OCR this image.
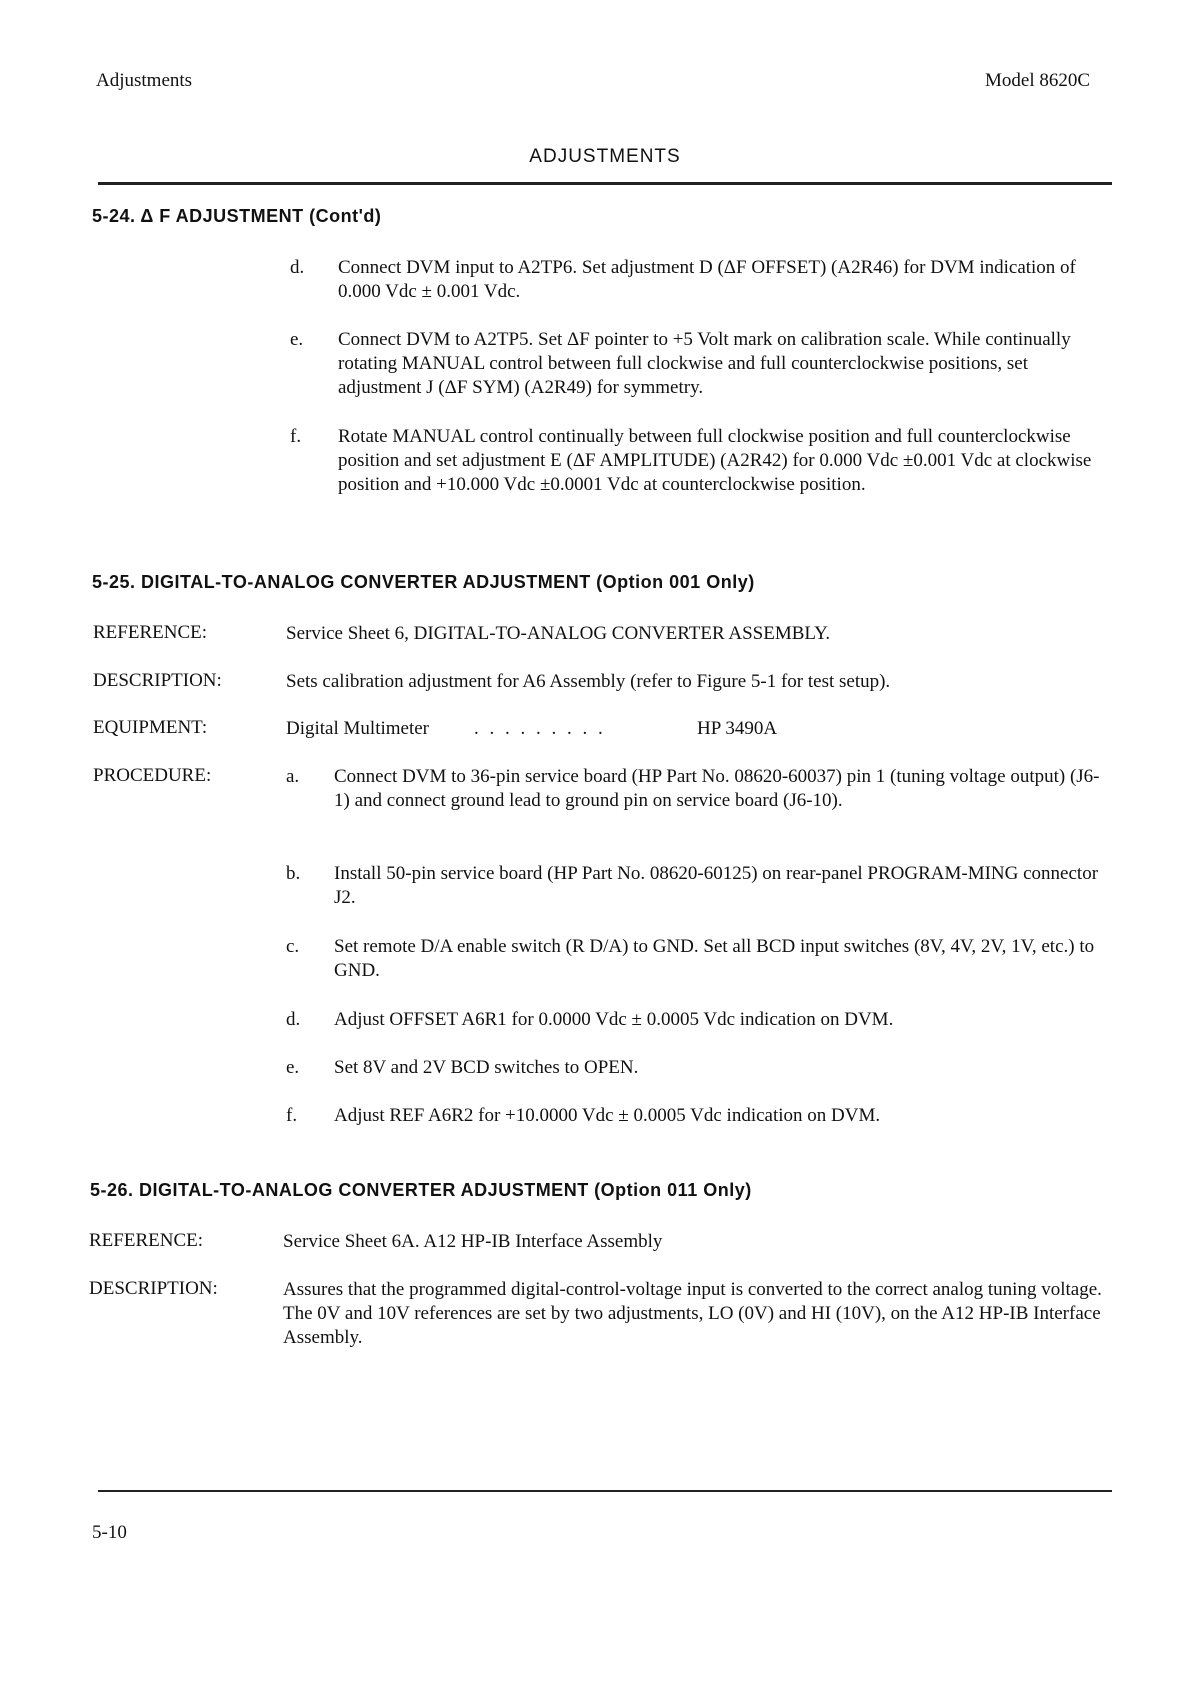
Adjustments	Model 8620C
ADJUSTMENTS
5-24. Δ F ADJUSTMENT (Cont'd)
d. Connect DVM input to A2TP6. Set adjustment D (ΔF OFFSET) (A2R46) for DVM indication of 0.000 Vdc ± 0.001 Vdc.
e. Connect DVM to A2TP5. Set ΔF pointer to +5 Volt mark on calibration scale. While continually rotating MANUAL control between full clockwise and full counterclockwise positions, set adjustment J (ΔF SYM) (A2R49) for symmetry.
f. Rotate MANUAL control continually between full clockwise position and full counterclockwise position and set adjustment E (ΔF AMPLITUDE) (A2R42) for 0.000 Vdc ±0.001 Vdc at clockwise position and +10.000 Vdc ±0.0001 Vdc at counterclockwise position.
5-25. DIGITAL-TO-ANALOG CONVERTER ADJUSTMENT (Option 001 Only)
REFERENCE:	Service Sheet 6, DIGITAL-TO-ANALOG CONVERTER ASSEMBLY.
DESCRIPTION:	Sets calibration adjustment for A6 Assembly (refer to Figure 5-1 for test setup).
EQUIPMENT:	Digital Multimeter . . . . . . . . .	HP 3490A
PROCEDURE:	a. Connect DVM to 36-pin service board (HP Part No. 08620-60037) pin 1 (tuning voltage output) (J6-1) and connect ground lead to ground pin on service board (J6-10).
b. Install 50-pin service board (HP Part No. 08620-60125) on rear-panel PROGRAM-MING connector J2.
c. Set remote D/A enable switch (R D/A) to GND. Set all BCD input switches (8V, 4V, 2V, 1V, etc.) to GND.
d. Adjust OFFSET A6R1 for 0.0000 Vdc ± 0.0005 Vdc indication on DVM.
e. Set 8V and 2V BCD switches to OPEN.
f. Adjust REF A6R2 for +10.0000 Vdc ± 0.0005 Vdc indication on DVM.
5-26. DIGITAL-TO-ANALOG CONVERTER ADJUSTMENT (Option 011 Only)
REFERENCE:	Service Sheet 6A. A12 HP-IB Interface Assembly
DESCRIPTION:	Assures that the programmed digital-control-voltage input is converted to the correct analog tuning voltage. The 0V and 10V references are set by two adjustments, LO (0V) and HI (10V), on the A12 HP-IB Interface Assembly.
5-10
